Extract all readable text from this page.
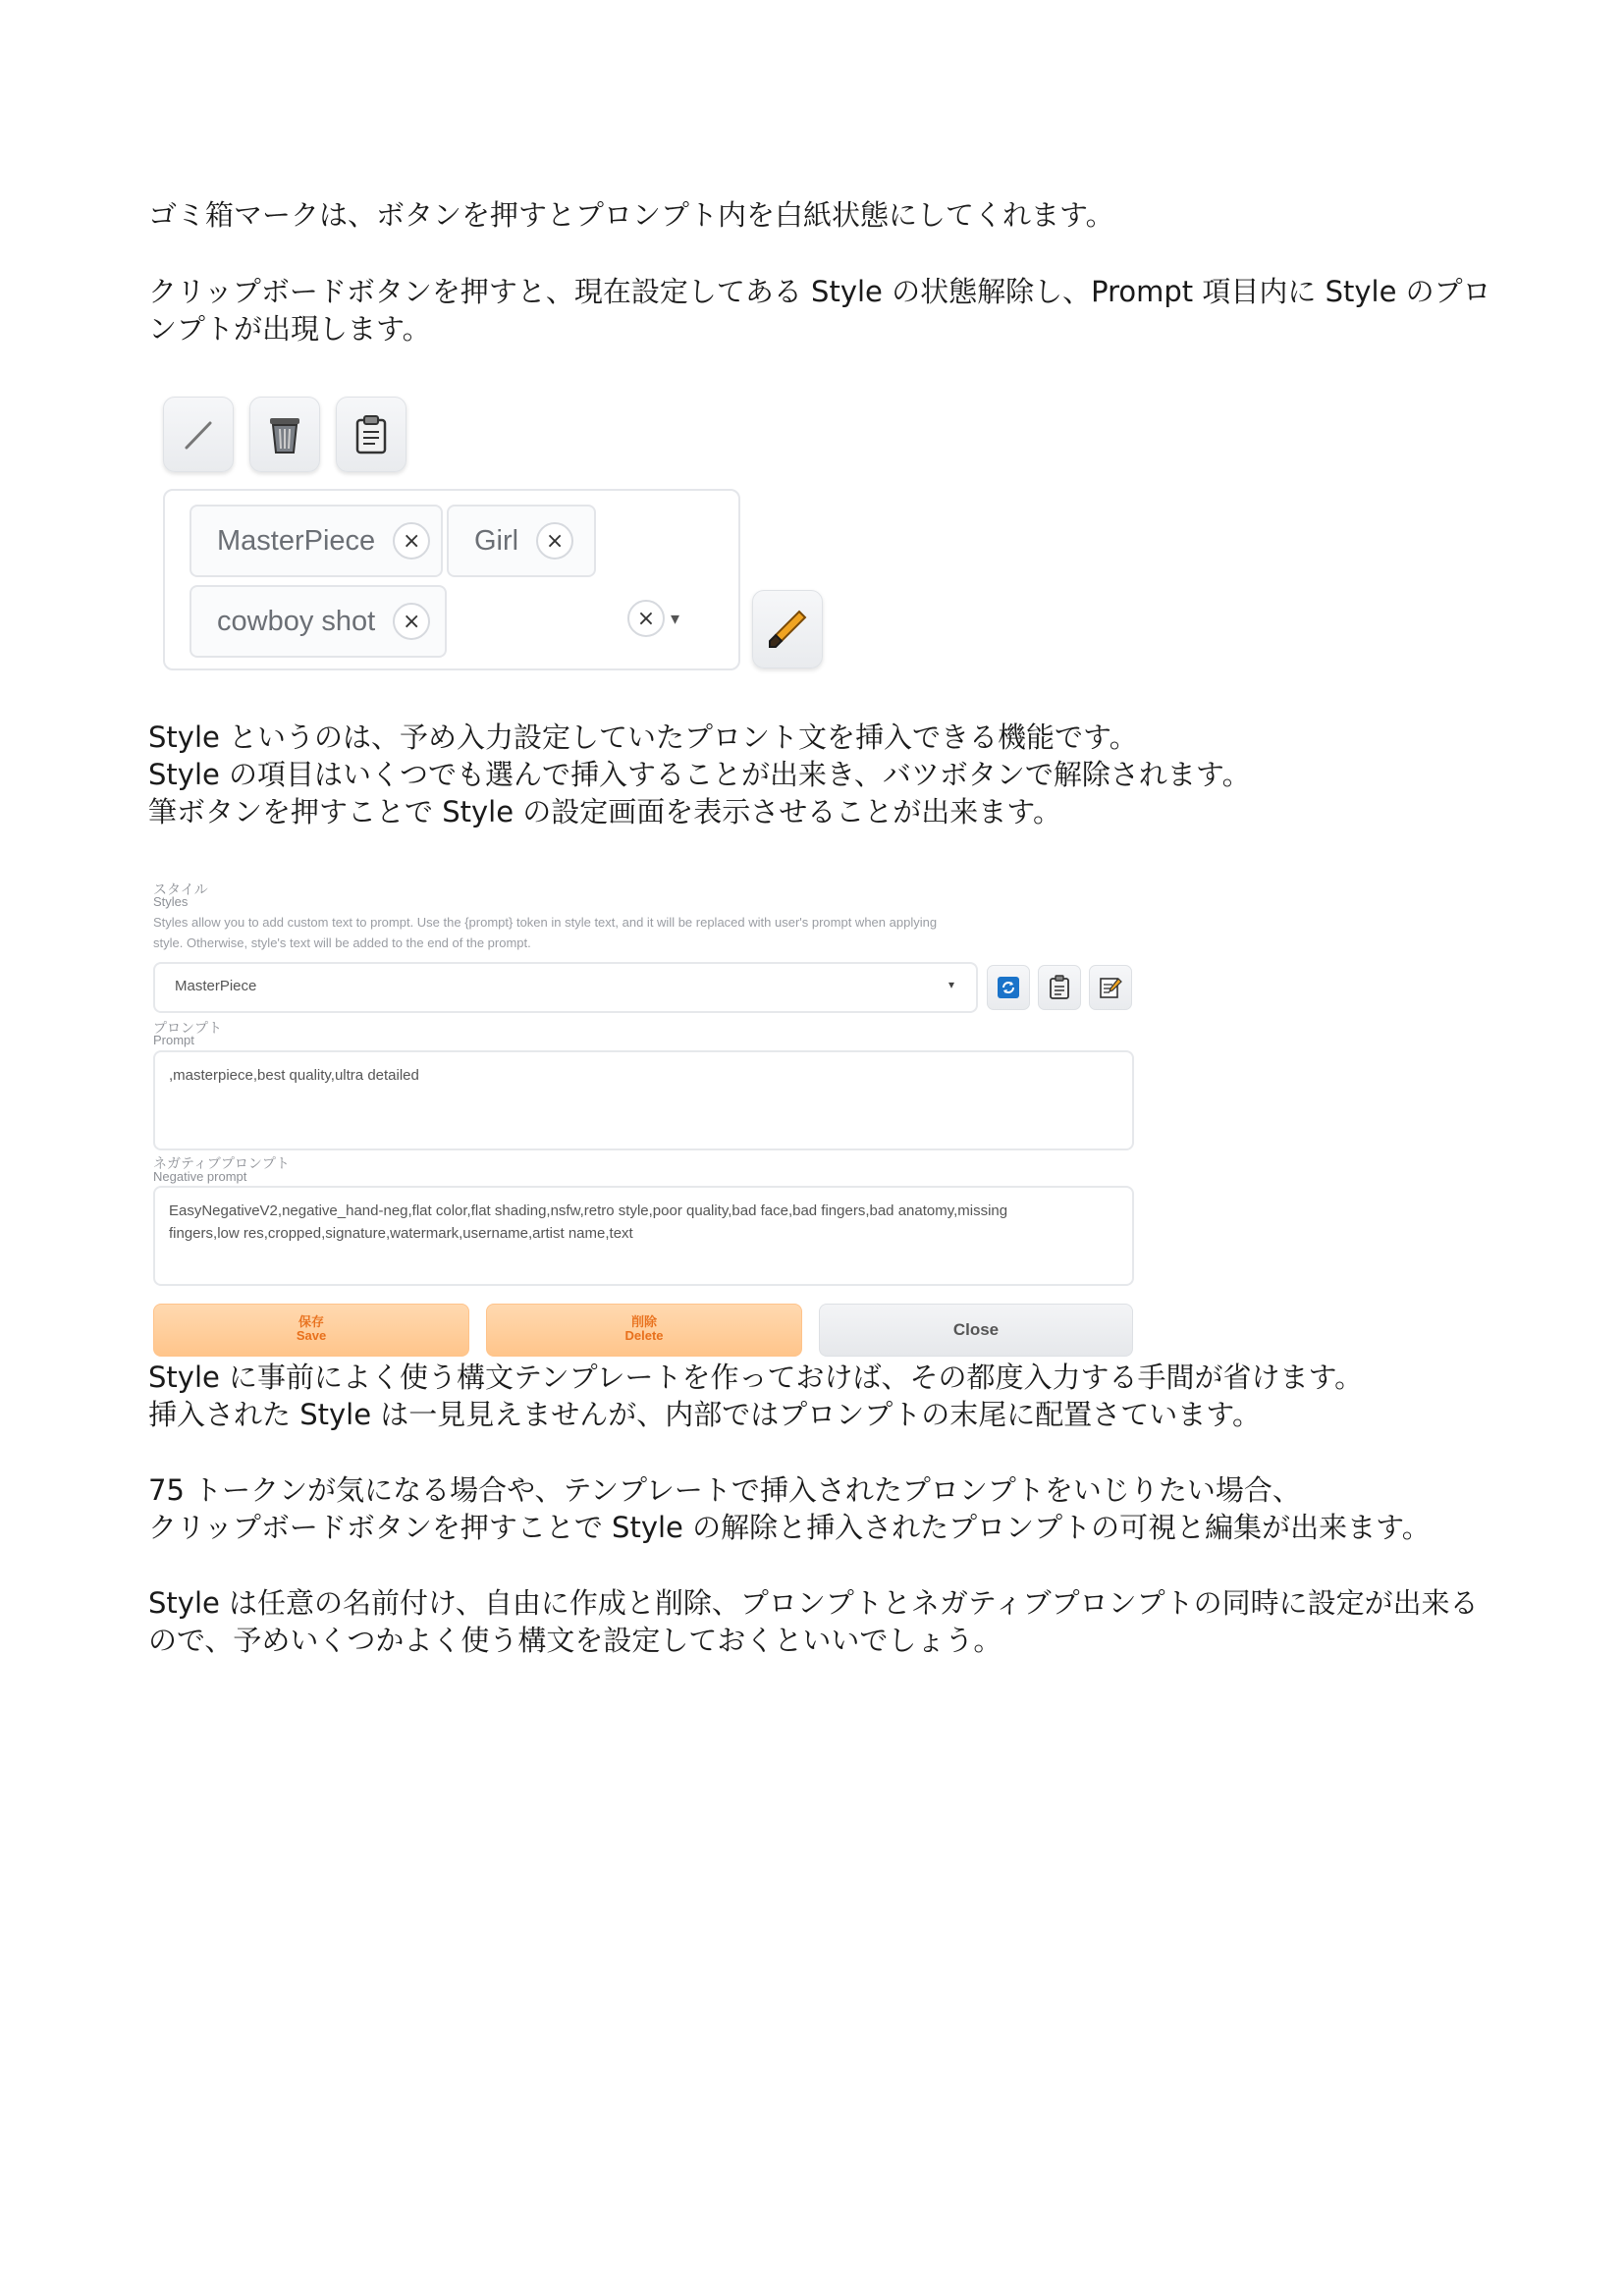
ゴミ箱マークは、ボタンを押すとプロンプト内を白紙状態にしてくれます。
クリップボードボタンを押すと、現在設定してある Style の状態解除し、Prompt 項目内に Style のプロ
ンプトが出現します。
MasterPiece	×	Girl	×
cowboy shot	×	× ▾
Style というのは、予め入力設定していたプロント文を挿入できる機能です。
Style の項目はいくつでも選んで挿入することが出来き、バツボタンで解除されます。
筆ボタンを押すことで Style の設定画面を表示させることが出来ます。
スタイル
Styles
Styles allow you to add custom text to prompt. Use the {prompt} token in style text, and it will be replaced with user's prompt when applying
style. Otherwise, style's text will be added to the end of the prompt.
MasterPiece	▾
プロンプト
Prompt
,masterpiece,best quality,ultra detailed
ネガティブプロンプト
Negative prompt
EasyNegativeV2,negative_hand-neg,flat color,flat shading,nsfw,retro style,poor quality,bad face,bad fingers,bad anatomy,missing
fingers,low res,cropped,signature,watermark,username,artist name,text
保存
Save
削除
Delete	Close
Style に事前によく使う構文テンプレートを作っておけば、その都度入力する手間が省けます。
挿入された Style は一見見えませんが、内部ではプロンプトの末尾に配置さています。
75 トークンが気になる場合や、テンプレートで挿入されたプロンプトをいじりたい場合、
クリップボードボタンを押すことで Style の解除と挿入されたプロンプトの可視と編集が出来ます。
Style は任意の名前付け、自由に作成と削除、プロンプトとネガティブプロンプトの同時に設定が出来る
ので、予めいくつかよく使う構文を設定しておくといいでしょう。
